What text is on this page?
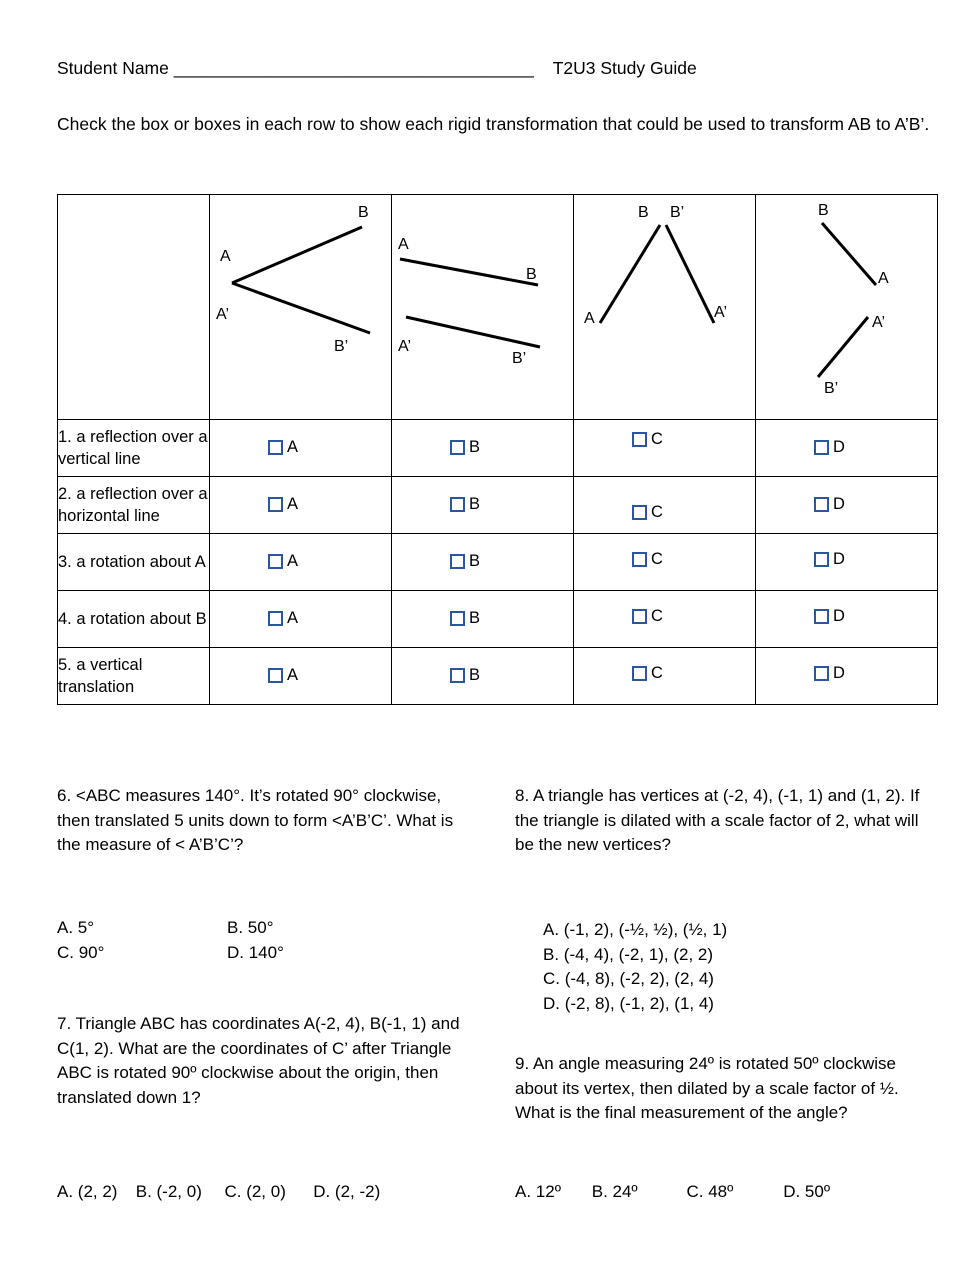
Student Name _____________________________________ T2U3 Study Guide
Check the box or boxes in each row to show each rigid transformation that could be used to transform AB to A’B’.

A
B
A’
B’	A
B
A’
B’	B B’
A A’	B
A
A’
B’

1. a reflection over a vertical line	A	B	C	D

2. a reflection over a horizontal line	A	B	C	D

3. a rotation about A	A	B	C	D

4. a rotation about B	A	B	C	D

5. a vertical translation	A	B	C	D
6. <ABC measures 140°. It’s rotated 90° clockwise, then translated 5 units down to form <A’B’C’. What is the measure of < A’B’C’?
A. 5°	B. 50°
C. 90°	D. 140°
7. Triangle ABC has coordinates A(-2, 4), B(-1, 1) and C(1, 2). What are the coordinates of C’ after Triangle ABC is rotated 90º clockwise about the origin, then translated down 1?
A. (2, 2) B. (-2, 0) C. (2, 0) D. (2, -2)
8. A triangle has vertices at (-2, 4), (-1, 1) and (1, 2). If the triangle is dilated with a scale factor of 2, what will be the new vertices?
A. (-1, 2), (-½, ½), (½, 1)
B. (-4, 4), (-2, 1), (2, 2)
C. (-4, 8), (-2, 2), (2, 4)
D. (-2, 8), (-1, 2), (1, 4)
9. An angle measuring 24º is rotated 50º clockwise about its vertex, then dilated by a scale factor of ½. What is the final measurement of the angle?
A. 12º B. 24º	C. 48º	D. 50º
